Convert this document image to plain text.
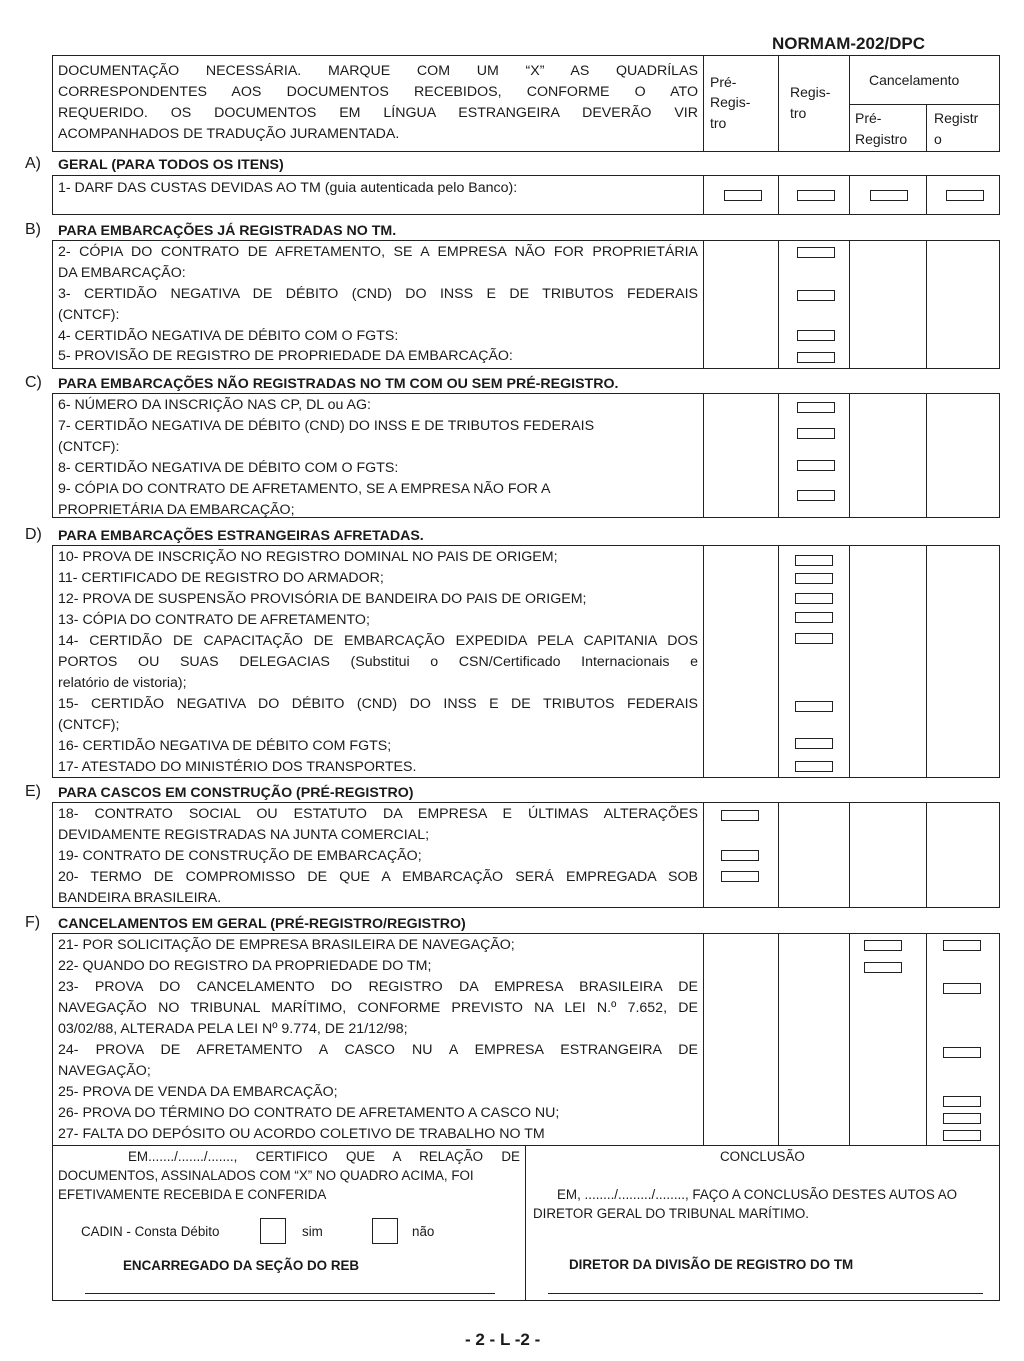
NORMAM-202/DPC
DOCUMENTAÇÃO NECESSÁRIA. MARQUE COM UM “X” AS QUADRÍLAS
CORRESPONDENTES AOS DOCUMENTOS RECEBIDOS, CONFORME O ATO
REQUERIDO. OS DOCUMENTOS EM LÍNGUA ESTRANGEIRA DEVERÃO VIR
ACOMPANHADOS DE TRADUÇÃO JURAMENTADA.
Pré-
Regis-
tro
Regis-
tro
Cancelamento
Pré-
Registro
Registr
o
A) GERAL (PARA TODOS OS ITENS)
1- DARF DAS CUSTAS DEVIDAS AO TM (guia autenticada pelo Banco):
B) PARA EMBARCAÇÕES JÁ REGISTRADAS NO TM.
2- CÓPIA DO CONTRATO DE AFRETAMENTO, SE A EMPRESA NÃO FOR PROPRIETÁRIA
DA EMBARCAÇÃO:
3- CERTIDÃO NEGATIVA DE DÉBITO (CND) DO INSS E DE TRIBUTOS FEDERAIS
(CNTCF):
4- CERTIDÃO NEGATIVA DE DÉBITO COM O FGTS:
5- PROVISÃO DE REGISTRO DE PROPRIEDADE DA EMBARCAÇÃO:
C) PARA EMBARCAÇÕES NÃO REGISTRADAS NO TM COM OU SEM PRÉ-REGISTRO.
6- NÚMERO DA INSCRIÇÃO NAS CP, DL ou AG:
7- CERTIDÃO NEGATIVA DE DÉBITO (CND) DO INSS E DE TRIBUTOS FEDERAIS
(CNTCF):
8- CERTIDÃO NEGATIVA DE DÉBITO COM O FGTS:
9- CÓPIA DO CONTRATO DE AFRETAMENTO, SE A EMPRESA NÃO FOR A
PROPRIETÁRIA DA EMBARCAÇÃO;
D) PARA EMBARCAÇÕES ESTRANGEIRAS AFRETADAS.
10- PROVA DE INSCRIÇÃO NO REGISTRO DOMINAL NO PAIS DE ORIGEM;
11- CERTIFICADO DE REGISTRO DO ARMADOR;
12- PROVA DE SUSPENSÃO PROVISÓRIA DE BANDEIRA DO PAIS DE ORIGEM;
13- CÓPIA DO CONTRATO DE AFRETAMENTO;
14- CERTIDÃO DE CAPACITAÇÃO DE EMBARCAÇÃO EXPEDIDA PELA CAPITANIA DOS
PORTOS OU SUAS DELEGACIAS (Substitui o CSN/Certificado Internacionais e
relatório de vistoria);
15- CERTIDÃO NEGATIVA DO DÉBITO (CND) DO INSS E DE TRIBUTOS FEDERAIS
(CNTCF);
16- CERTIDÃO NEGATIVA DE DÉBITO COM FGTS;
17- ATESTADO DO MINISTÉRIO DOS TRANSPORTES.
E) PARA CASCOS EM CONSTRUÇÃO (PRÉ-REGISTRO)
18- CONTRATO SOCIAL OU ESTATUTO DA EMPRESA E ÚLTIMAS ALTERAÇÕES
DEVIDAMENTE REGISTRADAS NA JUNTA COMERCIAL;
19- CONTRATO DE CONSTRUÇÃO DE EMBARCAÇÃO;
20- TERMO DE COMPROMISSO DE QUE A EMBARCAÇÃO SERÁ EMPREGADA SOB
BANDEIRA BRASILEIRA.
F) CANCELAMENTOS EM GERAL (PRÉ-REGISTRO/REGISTRO)
21- POR SOLICITAÇÃO DE EMPRESA BRASILEIRA DE NAVEGAÇÃO;
22- QUANDO DO REGISTRO DA PROPRIEDADE DO TM;
23- PROVA DO CANCELAMENTO DO REGISTRO DA EMPRESA BRASILEIRA DE
NAVEGAÇÃO NO TRIBUNAL MARÍTIMO, CONFORME PREVISTO NA LEI N.º 7.652, DE
03/02/88, ALTERADA PELA LEI Nº 9.774, DE 21/12/98;
24- PROVA DE AFRETAMENTO A CASCO NU A EMPRESA ESTRANGEIRA DE
NAVEGAÇÃO;
25- PROVA DE VENDA DA EMBARCAÇÃO;
26- PROVA DO TÉRMINO DO CONTRATO DE AFRETAMENTO A CASCO NU;
27- FALTA DO DEPÓSITO OU ACORDO COLETIVO DE TRABALHO NO TM
EM......./......./......., CERTIFICO QUE A RELAÇÃO DE
DOCUMENTOS, ASSINALADOS COM “X” NO QUADRO ACIMA, FOI
EFETIVAMENTE RECEBIDA E CONFERIDA
CADIN - Consta Débito	sim	não
ENCARREGADO DA SEÇÃO DO REB
CONCLUSÃO
EM, ......../........./........, FAÇO A CONCLUSÃO DESTES AUTOS AO
DIRETOR GERAL DO TRIBUNAL MARÍTIMO.
DIRETOR DA DIVISÃO DE REGISTRO DO TM
- 2 - L -2 -
